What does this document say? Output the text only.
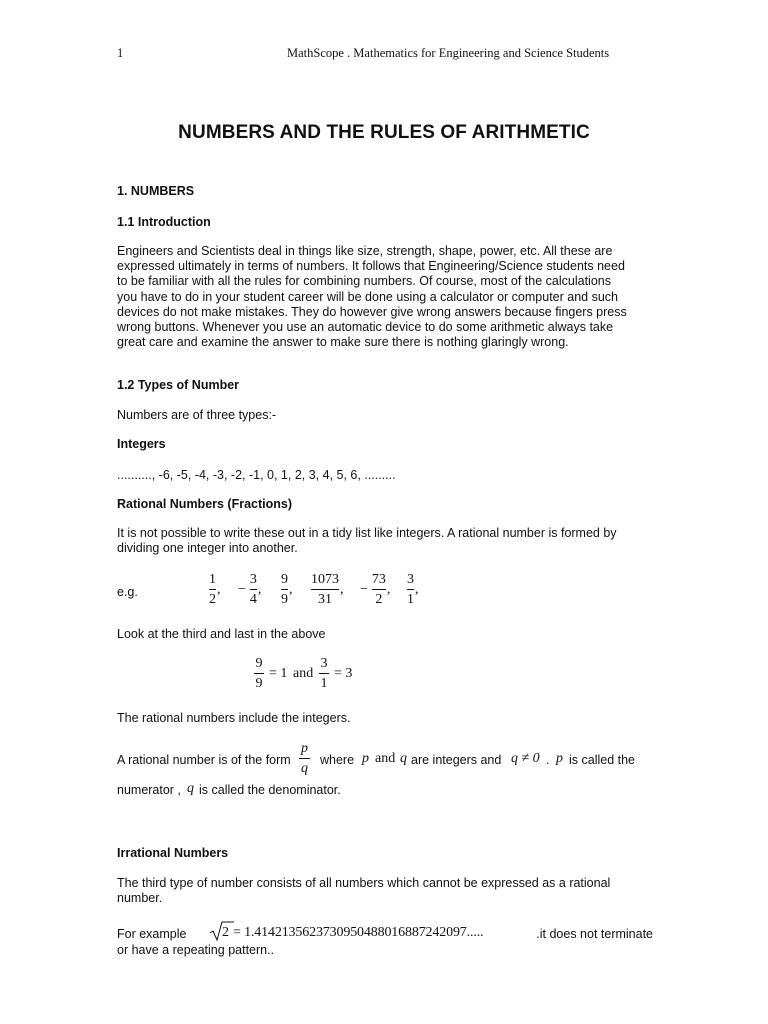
1	MathScope . Mathematics for Engineering and Science Students
NUMBERS AND THE RULES OF ARITHMETIC
1. NUMBERS
1.1 Introduction
Engineers and Scientists deal in things like size, strength, shape, power, etc. All these are
expressed ultimately in terms of numbers. It follows that Engineering/Science students need
to be familiar with all the rules for combining numbers. Of course, most of the calculations
you have to do in your student career will be done using a calculator or computer and such
devices do not make mistakes. They do however give wrong answers because fingers press
wrong buttons. Whenever you use an automatic device to do some arithmetic always take
great care and examine the answer to make sure there is nothing glaringly wrong.
1.2 Types of Number
Numbers are of three types:-
Integers
.........., -6, -5, -4, -3, -2, -1, 0, 1, 2, 3, 4, 5, 6, .........
Rational Numbers (Fractions)
It is not possible to write these out in a tidy list like integers. A rational number is formed by
dividing one integer into another.
e.g.
1
2
, −
3
4
,
9
9
,
1073
31
, −
73
2
,
3
1
,
Look at the third and last in the above
9
9
= 1 and
3
1
= 3
The rational numbers include the integers.
A rational number is of the form
p
q
where p and q are integers and q ≠ 0 . p is called the
numerator , q is called the denominator.
Irrational Numbers
The third type of number consists of all numbers which cannot be expressed as a rational
number.
For example	2 = 1.4142135623730950488016887242097.....	.it does not terminate
or have a repeating pattern..
